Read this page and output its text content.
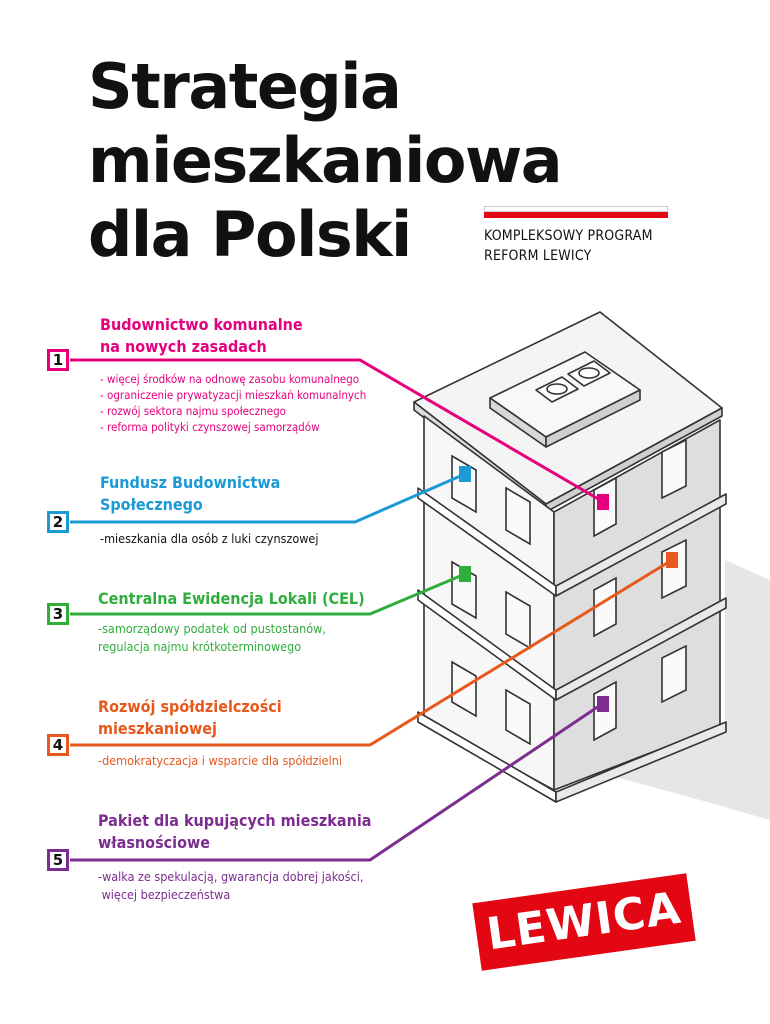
Strategia
mieszkaniowa
dla Polski	KOMPLEKSOWY PROGRAM
REFORM LEWICY
1
Budownictwo komunalne
na nowych zasadach
- więcej środków na odnowę zasobu komunalnego
- ograniczenie prywatyzacji mieszkań komunalnych
- rozwój sektora najmu społecznego
- reforma polityki czynszowej samorządów
2
Fundusz Budownictwa
Społecznego
- mieszkania dla osób z luki czynszowej
3
Centralna Ewidencja Lokali (CEL)
- samorządowy podatek od pustostanów,
regulacja najmu krótkoterminowego
4
Rozwój spółdzielczości
mieszkaniowej
- demokratyczacja i wsparcie dla spółdzielni
5
Pakiet dla kupujących mieszkania
własnościowe
- walka ze spekulacją, gwarancja dobrej jakości,
więcej bezpieczeństwa	LEWICA
